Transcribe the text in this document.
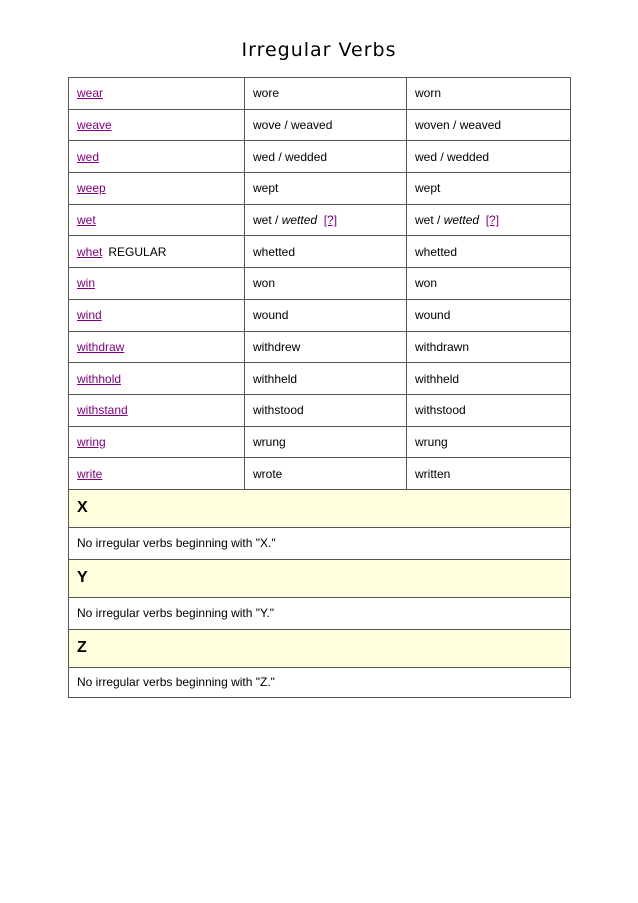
Irregular Verbs
wear	wore	worn
weave	wove / weaved	woven / weaved
wed	wed / wedded	wed / wedded
weep	wept	wept
wet	wet / wetted [?]	wet / wetted [?]
whet REGULAR	whetted	whetted
win	won	won
wind	wound	wound
withdraw	withdrew	withdrawn
withhold	withheld	withheld
withstand	withstood	withstood
wring	wrung	wrung
write	wrote	written
X		
No irregular verbs beginning with "X."		
Y		
No irregular verbs beginning with "Y."		
Z		
No irregular verbs beginning with "Z."		
